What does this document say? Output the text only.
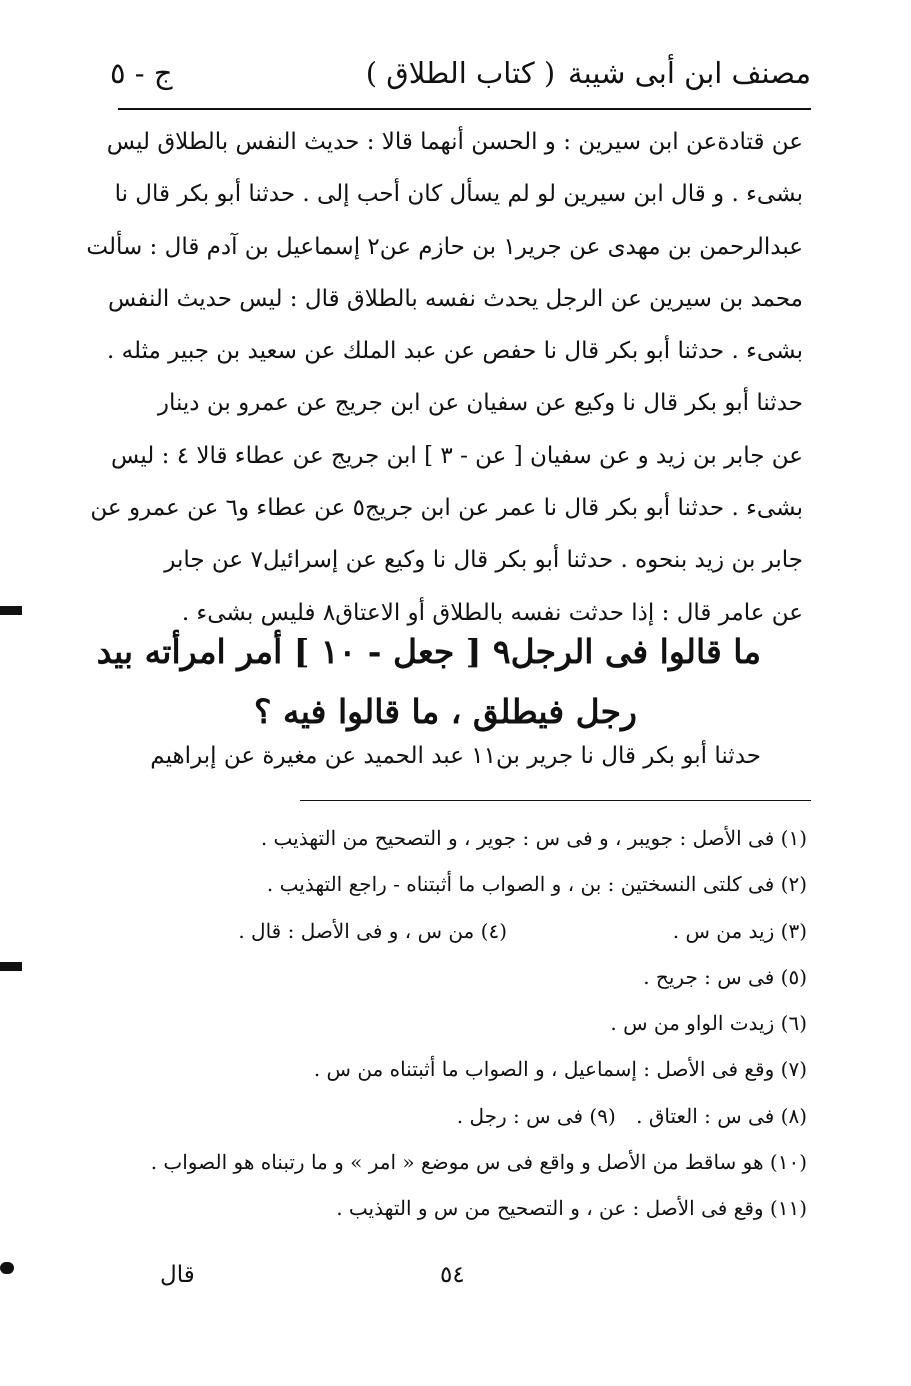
مصنف ابن أبى شيبة
( كتاب الطلاق )
ج - ٥
عن قتادةعن ابن سيرين : و الحسن أنهما قالا : حديث النفس بالطلاق ليس
بشىء . و قال ابن سيرين لو لم يسأل كان أحب إلى . حدثنا أبو بكر قال نا
عبدالرحمن بن مهدى عن جرير١ بن حازم عن٢ إسماعيل بن آدم قال : سألت
محمد بن سيرين عن الرجل يحدث نفسه بالطلاق قال : ليس حديث النفس
بشىء . حدثنا أبو بكر قال نا حفص عن عبد الملك عن سعيد بن جبير مثله .
حدثنا أبو بكر قال نا وكيع عن سفيان عن ابن جريج عن عمرو بن دينار
عن جابر بن زيد و عن سفيان [ عن - ٣ ] ابن جريج عن عطاء قالا ٤ : ليس
بشىء . حدثنا أبو بكر قال نا عمر عن ابن جريج٥ عن عطاء و٦ عن عمرو عن
جابر بن زيد بنحوه . حدثنا أبو بكر قال نا وكيع عن إسرائيل٧ عن جابر
عن عامر قال : إذا حدثت نفسه بالطلاق أو الاعتاق٨ فليس بشىء .
ما قالوا فى الرجل٩ [ جعل - ١٠ ] أمر امرأته بيد
رجل فيطلق ، ما قالوا فيه ؟
حدثنا أبو بكر قال نا جرير بن١١ عبد الحميد عن مغيرة عن إبراهيم
(١) فى الأصل : جويبر ، و فى س : جوير ، و التصحيح من التهذيب .
(٢) فى كلتى النسختين : بن ، و الصواب ما أثبتناه - راجع التهذيب .
(٣) زيد من س .
(٤) من س ، و فى الأصل : قال .
(٥) فى س : جريح .
(٦) زيدت الواو من س .
(٧) وقع فى الأصل : إسماعيل ، و الصواب ما أثبتناه من س .
(٨) فى س : العتاق . (٩) فى س : رجل .
(١٠) هو ساقط من الأصل و واقع فى س موضع « امر » و ما رتبناه هو الصواب .
(١١) وقع فى الأصل : عن ، و التصحيح من س و التهذيب .
٥٤
قال
